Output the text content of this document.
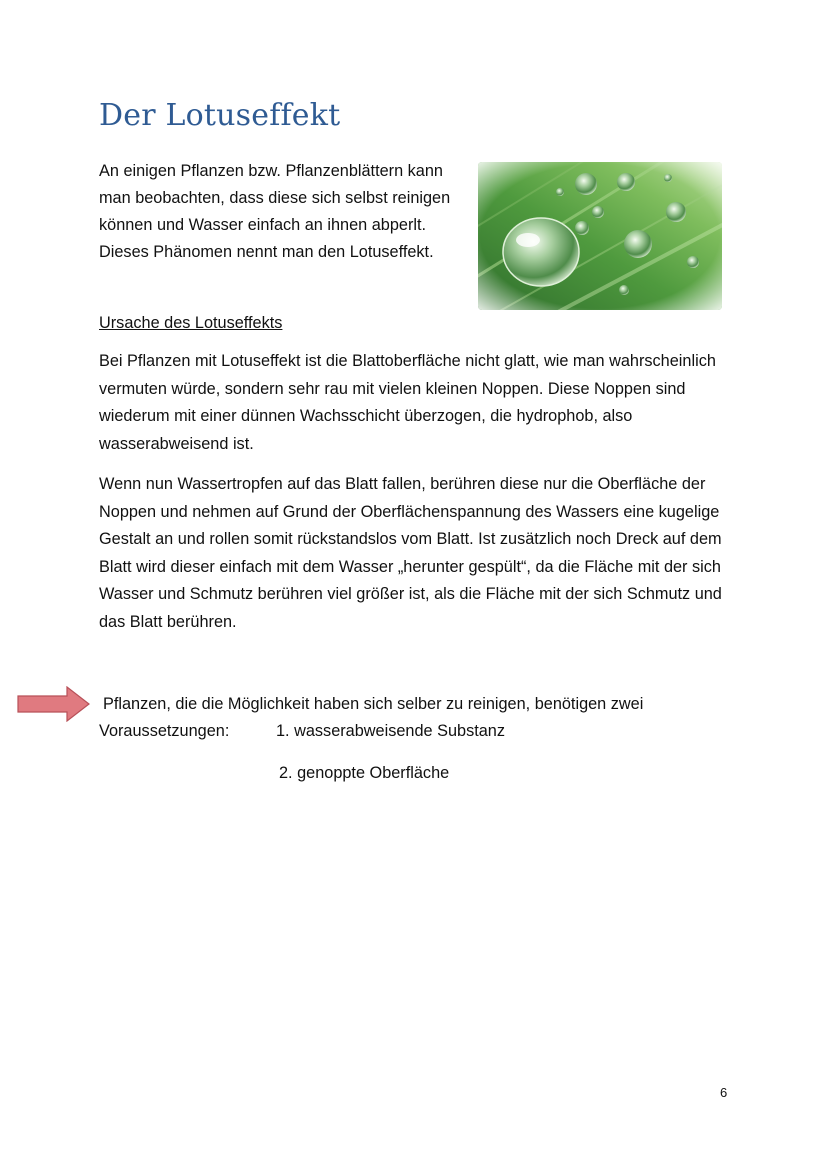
Der Lotuseffekt

An einigen Pflanzen bzw. Pflanzenblättern kann man beobachten, dass diese sich selbst reinigen können und Wasser einfach an ihnen abperlt. Dieses Phänomen nennt man den Lotuseffekt.

Ursache des Lotuseffekts

Bei Pflanzen mit Lotuseffekt ist die Blattoberfläche nicht glatt, wie man wahrscheinlich vermuten würde, sondern sehr rau mit vielen kleinen Noppen. Diese Noppen sind wiederum mit einer dünnen Wachsschicht überzogen, die hydrophob, also wasserabweisend ist.

Wenn nun Wassertropfen auf das Blatt fallen, berühren diese nur die Oberfläche der Noppen und nehmen auf Grund der Oberflächenspannung des Wassers eine kugelige Gestalt an und rollen somit rückstandslos vom Blatt. Ist zusätzlich noch Dreck auf dem Blatt wird dieser einfach mit dem Wasser „herunter gespült“, da die Fläche mit der sich Wasser und Schmutz berühren viel größer ist, als die Fläche mit der sich Schmutz und das Blatt berühren.

Pflanzen, die die Möglichkeit haben sich selber zu reinigen, benötigen zwei

Voraussetzungen:	1. wasserabweisende Substanz

2. genoppte Oberfläche

6
